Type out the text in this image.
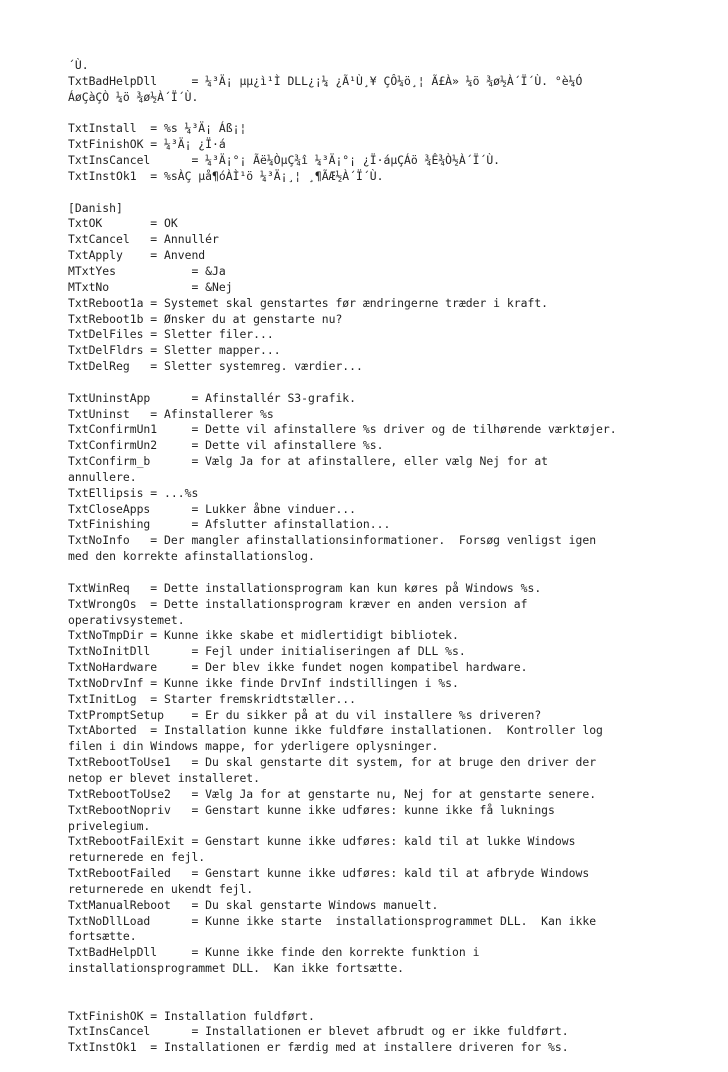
´Ù.
TxtBadHelpDll     = ¼³Ä¡ µµ¿ì¹Ì DLL¿¡¼ ¿Ã¹Ù¸¥ ÇÔ¼ö¸¦ Ã£À» ¼ö ¾ø½À´Ï´Ù. °è¼Ó
ÁøÇàÇÒ ¼ö ¾ø½À´Ï´Ù.
TxtInstall  = %s ¼³Ä¡ Áß¡¦
TxtFinishOK = ¼³Ä¡ ¿Ï·á
TxtInsCancel      = ¼³Ä¡°¡ Ãë¼ÒµÇ¾î ¼³Ä¡°¡ ¿Ï·áµÇÁö ¾Ê¾Ò½À´Ï´Ù.
TxtInstOk1  = %sÀÇ µå¶óÀÌ¹ö ¼³Ä¡¸¦ ¸¶ÃÆ½À´Ï´Ù.
[Danish]
TxtOK       = OK
TxtCancel   = Annullér
TxtApply    = Anvend
MTxtYes           = &Ja
MTxtNo            = &Nej
TxtReboot1a = Systemet skal genstartes før ændringerne træder i kraft.
TxtReboot1b = Ønsker du at genstarte nu?
TxtDelFiles = Sletter filer...
TxtDelFldrs = Sletter mapper...
TxtDelReg   = Sletter systemreg. værdier...
TxtUninstApp      = Afinstallér S3-grafik.
TxtUninst   = Afinstallerer %s
TxtConfirmUn1     = Dette vil afinstallere %s driver og de tilhørende værktøjer.
TxtConfirmUn2     = Dette vil afinstallere %s.
TxtConfirm_b      = Vælg Ja for at afinstallere, eller vælg Nej for at
annullere.
TxtEllipsis = ...%s
TxtCloseApps      = Lukker åbne vinduer...
TxtFinishing      = Afslutter afinstallation...
TxtNoInfo   = Der mangler afinstallationsinformationer.  Forsøg venligst igen
med den korrekte afinstallationslog.
TxtWinReq   = Dette installationsprogram kan kun køres på Windows %s.
TxtWrongOs  = Dette installationsprogram kræver en anden version af
operativsystemet.
TxtNoTmpDir = Kunne ikke skabe et midlertidigt bibliotek.
TxtNoInitDll      = Fejl under initialiseringen af DLL %s.
TxtNoHardware     = Der blev ikke fundet nogen kompatibel hardware.
TxtNoDrvInf = Kunne ikke finde DrvInf indstillingen i %s.
TxtInitLog  = Starter fremskridtstæller...
TxtPromptSetup    = Er du sikker på at du vil installere %s driveren?
TxtAborted  = Installation kunne ikke fuldføre installationen.  Kontroller log
filen i din Windows mappe, for yderligere oplysninger.
TxtRebootToUse1   = Du skal genstarte dit system, for at bruge den driver der
netop er blevet installeret.
TxtRebootToUse2   = Vælg Ja for at genstarte nu, Nej for at genstarte senere.
TxtRebootNopriv   = Genstart kunne ikke udføres: kunne ikke få luknings
privelegium.
TxtRebootFailExit = Genstart kunne ikke udføres: kald til at lukke Windows
returnerede en fejl.
TxtRebootFailed   = Genstart kunne ikke udføres: kald til at afbryde Windows
returnerede en ukendt fejl.
TxtManualReboot   = Du skal genstarte Windows manuelt.
TxtNoDllLoad      = Kunne ikke starte  installationsprogrammet DLL.  Kan ikke
fortsætte.
TxtBadHelpDll     = Kunne ikke finde den korrekte funktion i
installationsprogrammet DLL.  Kan ikke fortsætte.
TxtFinishOK = Installation fuldført.
TxtInsCancel      = Installationen er blevet afbrudt og er ikke fuldført.
TxtInstOk1  = Installationen er færdig med at installere driveren for %s.
